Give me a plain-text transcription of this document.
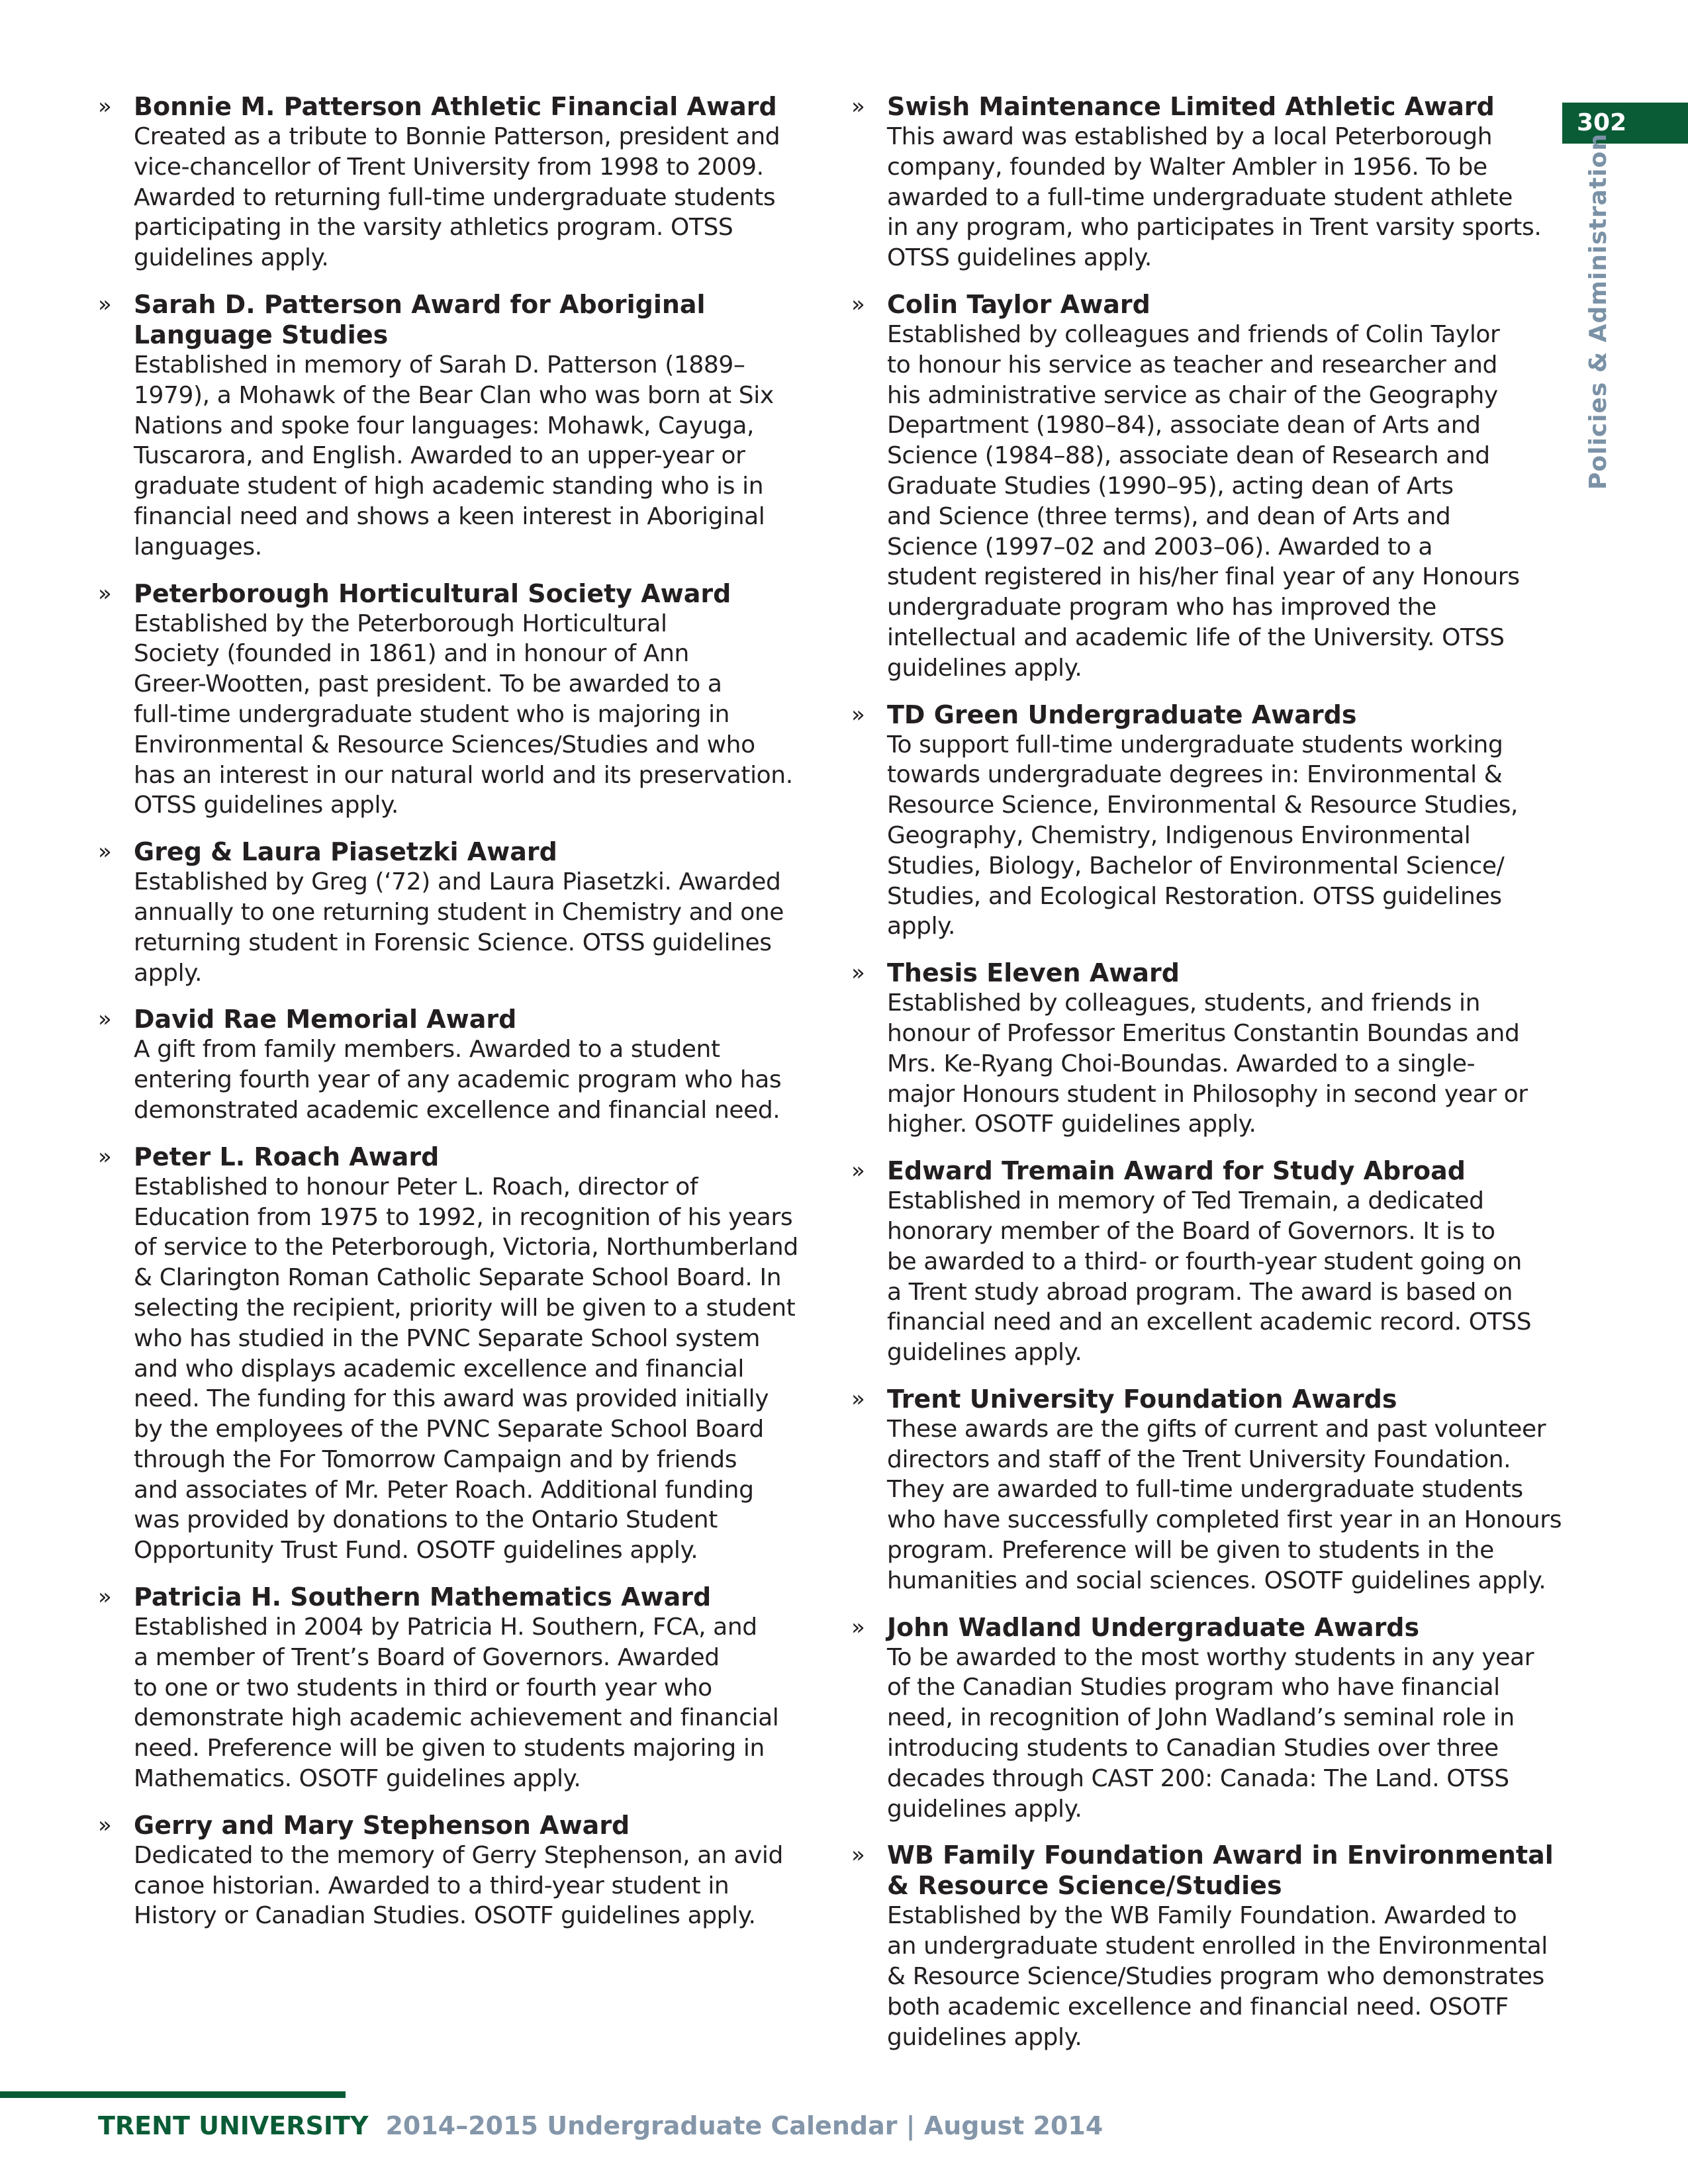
302
Policies & Administration
» Bonnie M. Patterson Athletic Financial Award
Created as a tribute to Bonnie Patterson, president and
vice-chancellor of Trent University from 1998 to 2009.
Awarded to returning full-time undergraduate students
participating in the varsity athletics program. OTSS
guidelines apply.
» Sarah D. Patterson Award for Aboriginal Language Studies
Established in memory of Sarah D. Patterson (1889–
1979), a Mohawk of the Bear Clan who was born at Six
Nations and spoke four languages: Mohawk, Cayuga,
Tuscarora, and English. Awarded to an upper-year or
graduate student of high academic standing who is in
financial need and shows a keen interest in Aboriginal
languages.
» Peterborough Horticultural Society Award
Established by the Peterborough Horticultural
Society (founded in 1861) and in honour of Ann
Greer-Wootten, past president. To be awarded to a
full-time undergraduate student who is majoring in
Environmental & Resource Sciences/Studies and who
has an interest in our natural world and its preservation.
OTSS guidelines apply.
» Greg & Laura Piasetzki Award
Established by Greg (‘72) and Laura Piasetzki. Awarded
annually to one returning student in Chemistry and one
returning student in Forensic Science. OTSS guidelines
apply.
» David Rae Memorial Award
A gift from family members. Awarded to a student
entering fourth year of any academic program who has
demonstrated academic excellence and financial need.
» Peter L. Roach Award
Established to honour Peter L. Roach, director of
Education from 1975 to 1992, in recognition of his years
of service to the Peterborough, Victoria, Northumberland
& Clarington Roman Catholic Separate School Board. In
selecting the recipient, priority will be given to a student
who has studied in the PVNC Separate School system
and who displays academic excellence and financial
need. The funding for this award was provided initially
by the employees of the PVNC Separate School Board
through the For Tomorrow Campaign and by friends
and associates of Mr. Peter Roach. Additional funding
was provided by donations to the Ontario Student
Opportunity Trust Fund. OSOTF guidelines apply.
» Patricia H. Southern Mathematics Award
Established in 2004 by Patricia H. Southern, FCA, and
a member of Trent’s Board of Governors. Awarded
to one or two students in third or fourth year who
demonstrate high academic achievement and financial
need. Preference will be given to students majoring in
Mathematics. OSOTF guidelines apply.
» Gerry and Mary Stephenson Award
Dedicated to the memory of Gerry Stephenson, an avid
canoe historian. Awarded to a third-year student in
History or Canadian Studies. OSOTF guidelines apply.
» Swish Maintenance Limited Athletic Award
This award was established by a local Peterborough
company, founded by Walter Ambler in 1956. To be
awarded to a full-time undergraduate student athlete
in any program, who participates in Trent varsity sports.
OTSS guidelines apply.
» Colin Taylor Award
Established by colleagues and friends of Colin Taylor
to honour his service as teacher and researcher and
his administrative service as chair of the Geography
Department (1980–84), associate dean of Arts and
Science (1984–88), associate dean of Research and
Graduate Studies (1990–95), acting dean of Arts
and Science (three terms), and dean of Arts and
Science (1997–02 and 2003–06). Awarded to a
student registered in his/her final year of any Honours
undergraduate program who has improved the
intellectual and academic life of the University. OTSS
guidelines apply.
» TD Green Undergraduate Awards
To support full-time undergraduate students working
towards undergraduate degrees in: Environmental &
Resource Science, Environmental & Resource Studies,
Geography, Chemistry, Indigenous Environmental
Studies, Biology, Bachelor of Environmental Science/
Studies, and Ecological Restoration. OTSS guidelines
apply.
» Thesis Eleven Award
Established by colleagues, students, and friends in
honour of Professor Emeritus Constantin Boundas and
Mrs. Ke-Ryang Choi-Boundas. Awarded to a single-
major Honours student in Philosophy in second year or
higher. OSOTF guidelines apply.
» Edward Tremain Award for Study Abroad
Established in memory of Ted Tremain, a dedicated
honorary member of the Board of Governors. It is to
be awarded to a third- or fourth-year student going on
a Trent study abroad program. The award is based on
financial need and an excellent academic record. OTSS
guidelines apply.
» Trent University Foundation Awards
These awards are the gifts of current and past volunteer
directors and staff of the Trent University Foundation.
They are awarded to full-time undergraduate students
who have successfully completed first year in an Honours
program. Preference will be given to students in the
humanities and social sciences. OSOTF guidelines apply.
» John Wadland Undergraduate Awards
To be awarded to the most worthy students in any year
of the Canadian Studies program who have financial
need, in recognition of John Wadland’s seminal role in
introducing students to Canadian Studies over three
decades through CAST 200: Canada: The Land. OTSS
guidelines apply.
» WB Family Foundation Award in Environmental & Resource Science/Studies
Established by the WB Family Foundation. Awarded to
an undergraduate student enrolled in the Environmental
& Resource Science/Studies program who demonstrates
both academic excellence and financial need. OSOTF
guidelines apply.
TRENT UNIVERSITY 2014–2015 Undergraduate Calendar | August 2014
